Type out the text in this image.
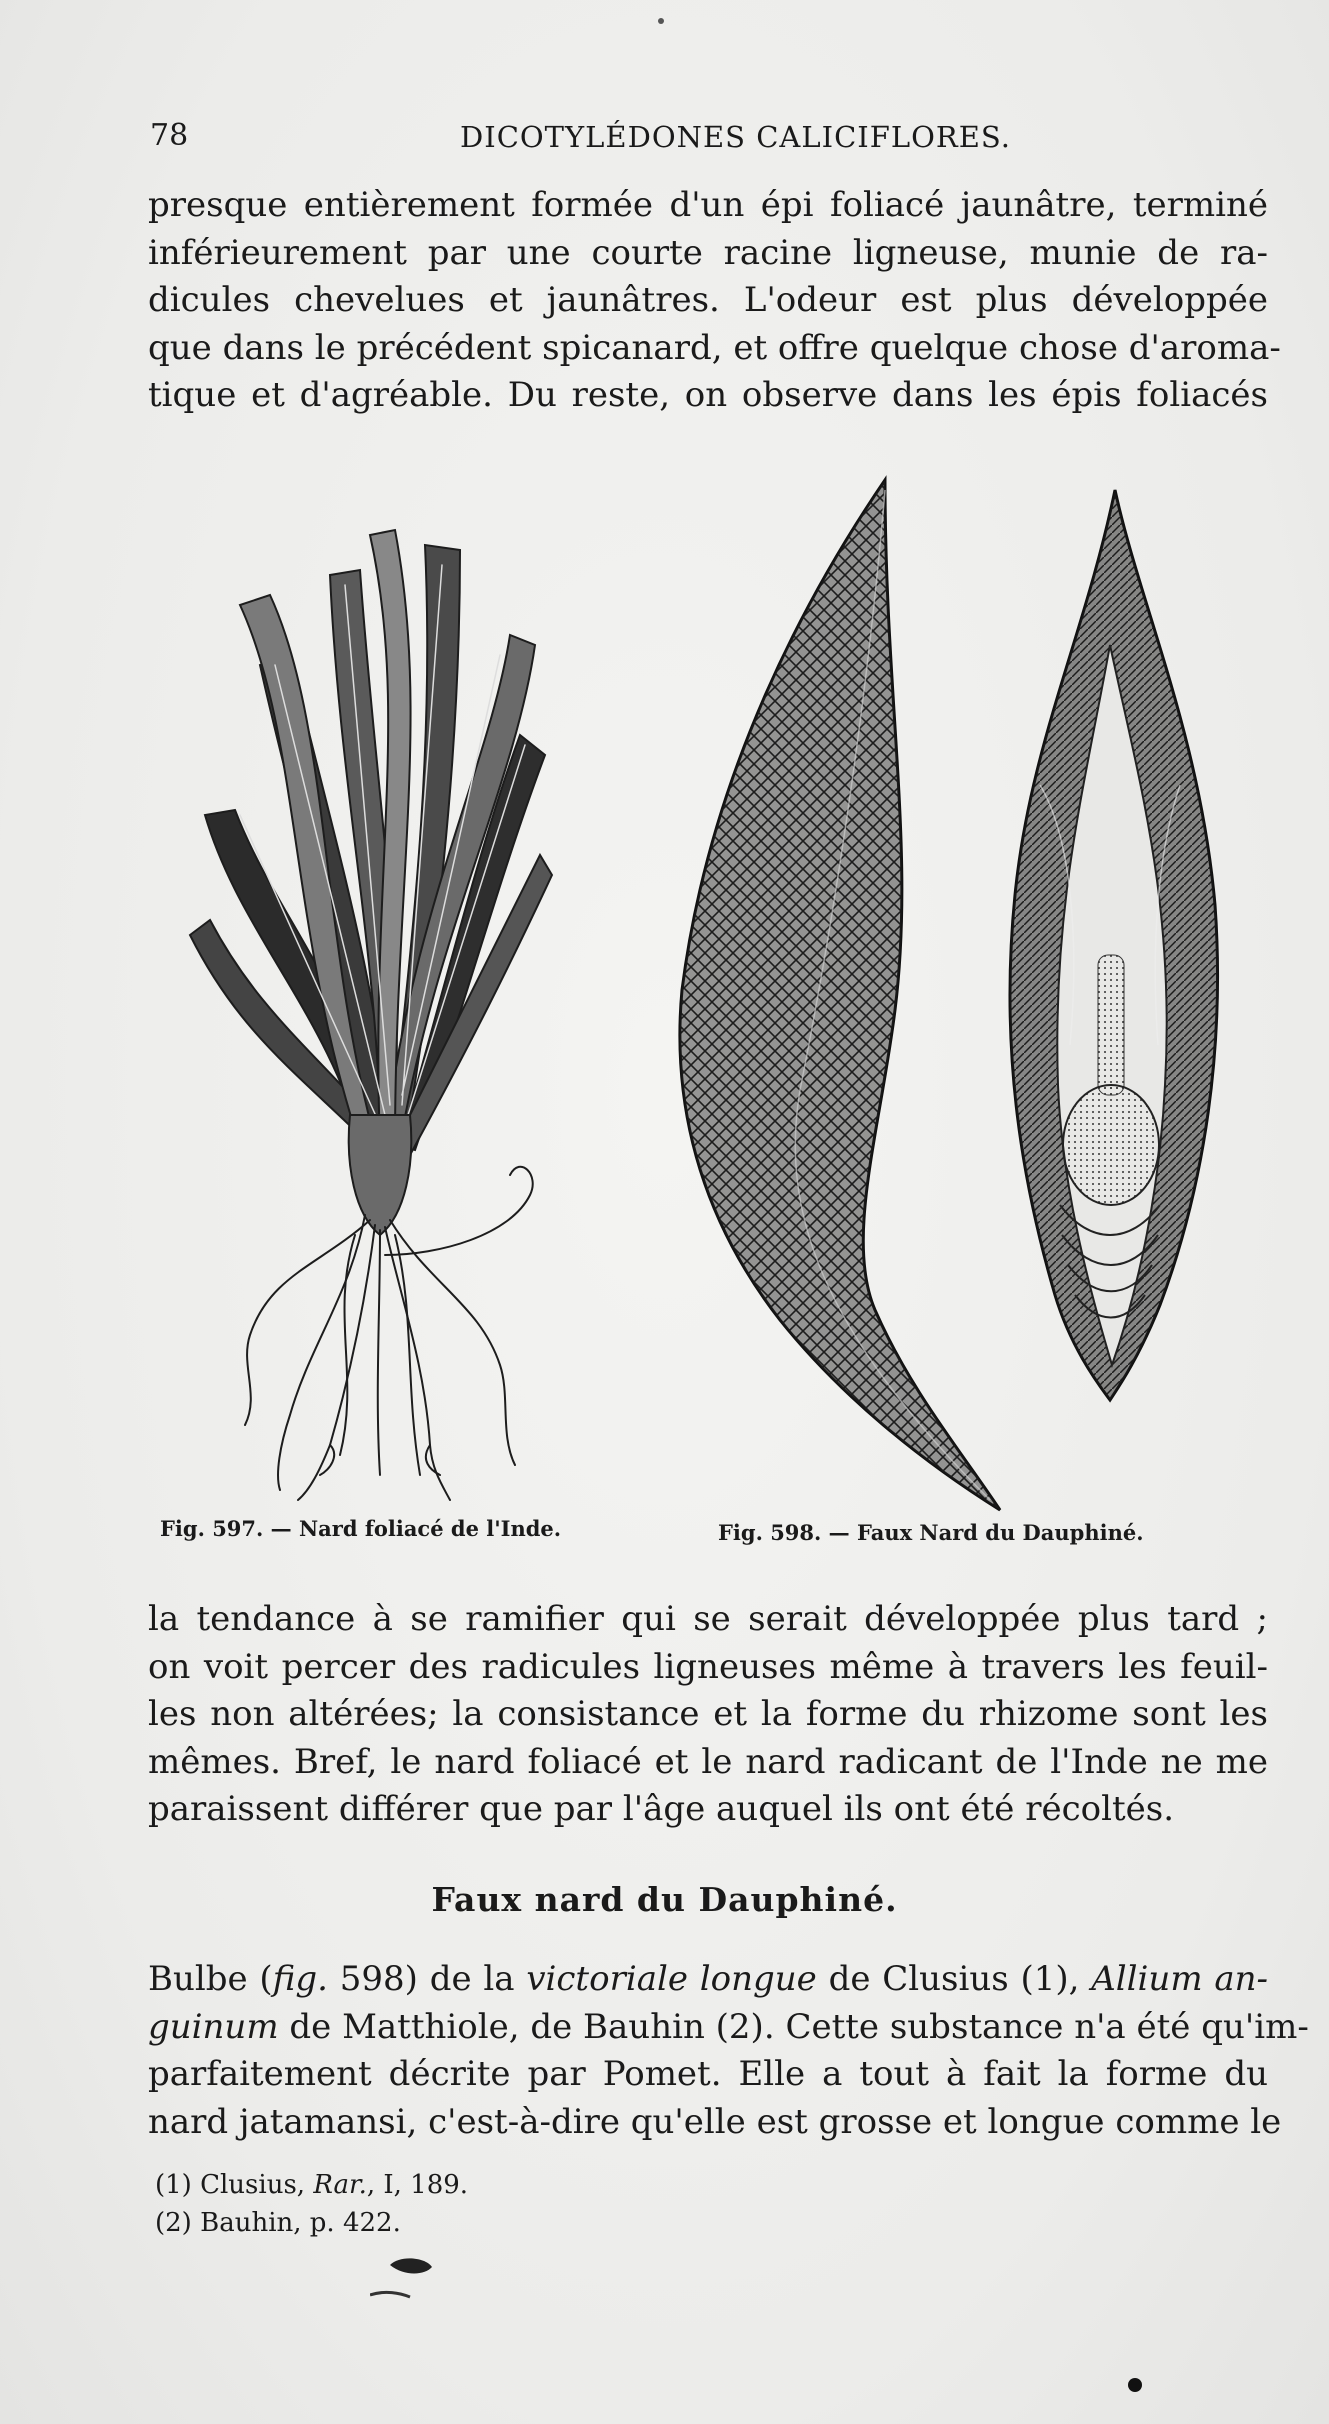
78	DICOTYLÉDONES CALICIFLORES.

presque entièrement formée d'un épi foliacé jaunâtre, terminé
inférieurement par une courte racine ligneuse, munie de ra-
dicules chevelues et jaunâtres. L'odeur est plus développée
que dans le précédent spicanard, et offre quelque chose d'aroma-
tique et d'agréable. Du reste, on observe dans les épis foliacés

Fig. 597. — Nard foliacé de l'Inde.	Fig. 598. — Faux Nard du Dauphiné.

la tendance à se ramifier qui se serait développée plus tard ;
on voit percer des radicules ligneuses même à travers les feuil-
les non altérées; la consistance et la forme du rhizome sont les
mêmes. Bref, le nard foliacé et le nard radicant de l'Inde ne me
paraissent différer que par l'âge auquel ils ont été récoltés.

Faux nard du Dauphiné.

Bulbe (fig. 598) de la victoriale longue de Clusius (1), Allium an-
guinum de Matthiole, de Bauhin (2). Cette substance n'a été qu'im-
parfaitement décrite par Pomet. Elle a tout à fait la forme du
nard jatamansi, c'est-à-dire qu'elle est grosse et longue comme le

(1) Clusius, Rar., I, 189.
(2) Bauhin, p. 422.
